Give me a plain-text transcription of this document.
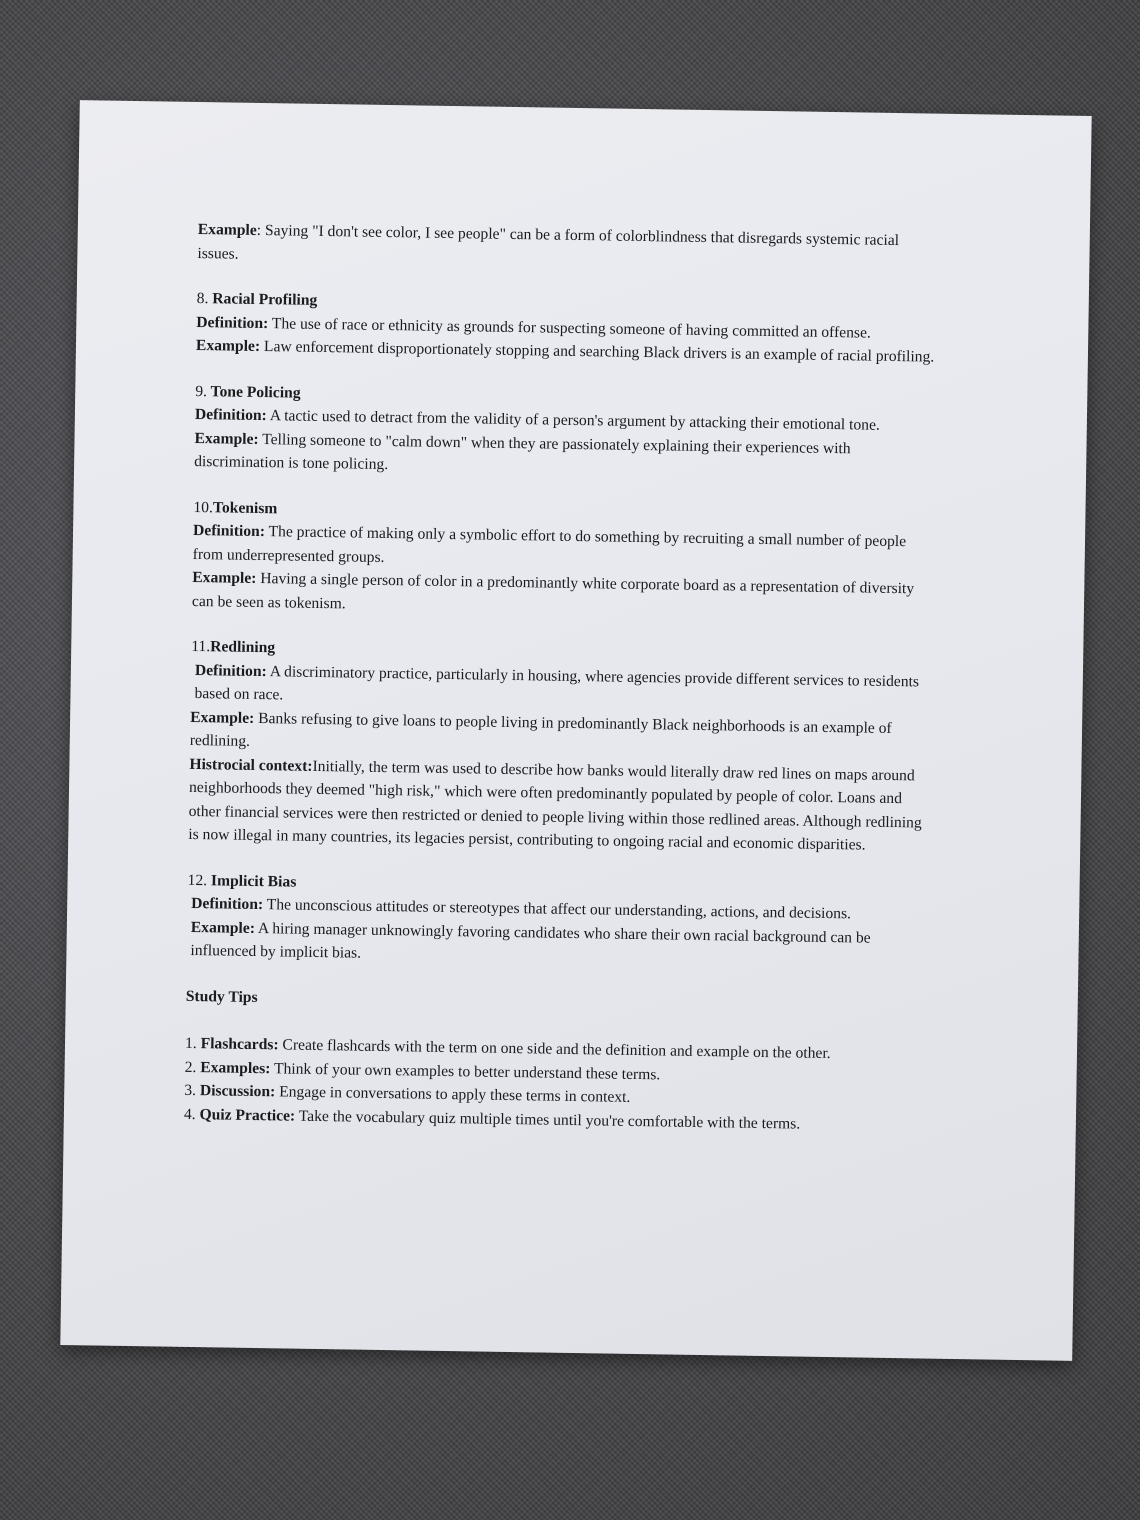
Example: Saying "I don't see color, I see people" can be a form of colorblindness that disregards systemic racial issues.

8. Racial Profiling

Definition: The use of race or ethnicity as grounds for suspecting someone of having committed an offense.

Example: Law enforcement disproportionately stopping and searching Black drivers is an example of racial profiling.

9. Tone Policing

Definition: A tactic used to detract from the validity of a person's argument by attacking their emotional tone.

Example: Telling someone to "calm down" when they are passionately explaining their experiences with discrimination is tone policing.

10.Tokenism

Definition: The practice of making only a symbolic effort to do something by recruiting a small number of people from underrepresented groups.

Example: Having a single person of color in a predominantly white corporate board as a representation of diversity can be seen as tokenism.

11.Redlining

Definition: A discriminatory practice, particularly in housing, where agencies provide different services to residents based on race.

Example: Banks refusing to give loans to people living in predominantly Black neighborhoods is an example of redlining.

Histrocial context:Initially, the term was used to describe how banks would literally draw red lines on maps around neighborhoods they deemed "high risk," which were often predominantly populated by people of color. Loans and other financial services were then restricted or denied to people living within those redlined areas. Although redlining is now illegal in many countries, its legacies persist, contributing to ongoing racial and economic disparities.

12. Implicit Bias

Definition: The unconscious attitudes or stereotypes that affect our understanding, actions, and decisions.

Example: A hiring manager unknowingly favoring candidates who share their own racial background can be influenced by implicit bias.

Study Tips

1. Flashcards: Create flashcards with the term on one side and the definition and example on the other.
2. Examples: Think of your own examples to better understand these terms.
3. Discussion: Engage in conversations to apply these terms in context.
4. Quiz Practice: Take the vocabulary quiz multiple times until you're comfortable with the terms.
